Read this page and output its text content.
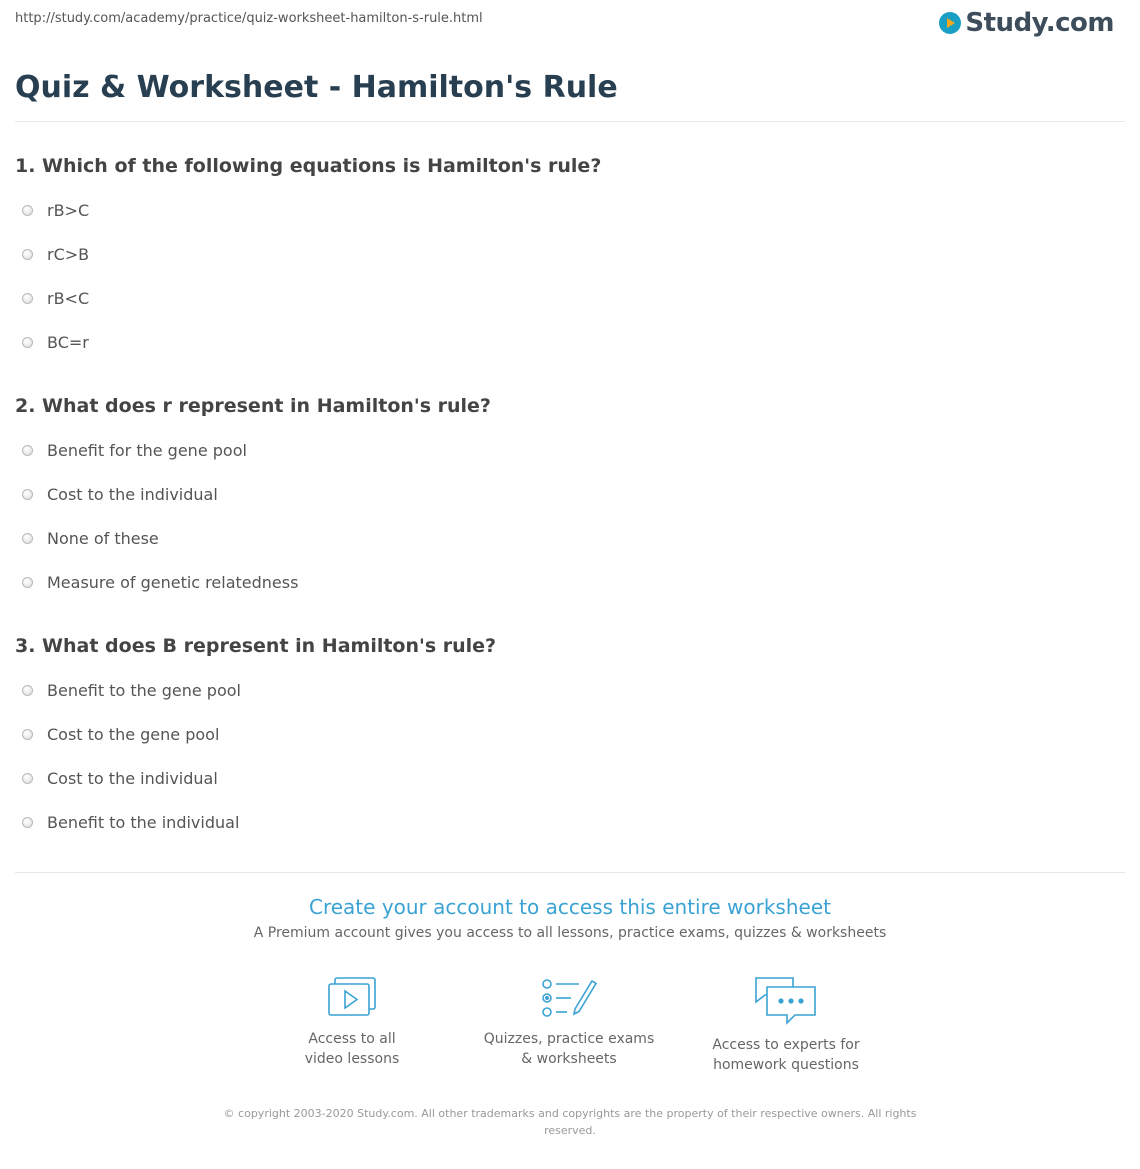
http://study.com/academy/practice/quiz-worksheet-hamilton-s-rule.html	Study.com
Quiz & Worksheet - Hamilton's Rule
1. Which of the following equations is Hamilton's rule?
rB>C
rC>B
rB<C
BC=r
2. What does r represent in Hamilton's rule?
Benefit for the gene pool
Cost to the individual
None of these
Measure of genetic relatedness
3. What does B represent in Hamilton's rule?
Benefit to the gene pool
Cost to the gene pool
Cost to the individual
Benefit to the individual
Create your account to access this entire worksheet
A Premium account gives you access to all lessons, practice exams, quizzes & worksheets
Access to all
video lessons
Quizzes, practice exams
& worksheets
Access to experts for
homework questions
© copyright 2003-2020 Study.com. All other trademarks and copyrights are the property of their respective owners. All rights reserved.
